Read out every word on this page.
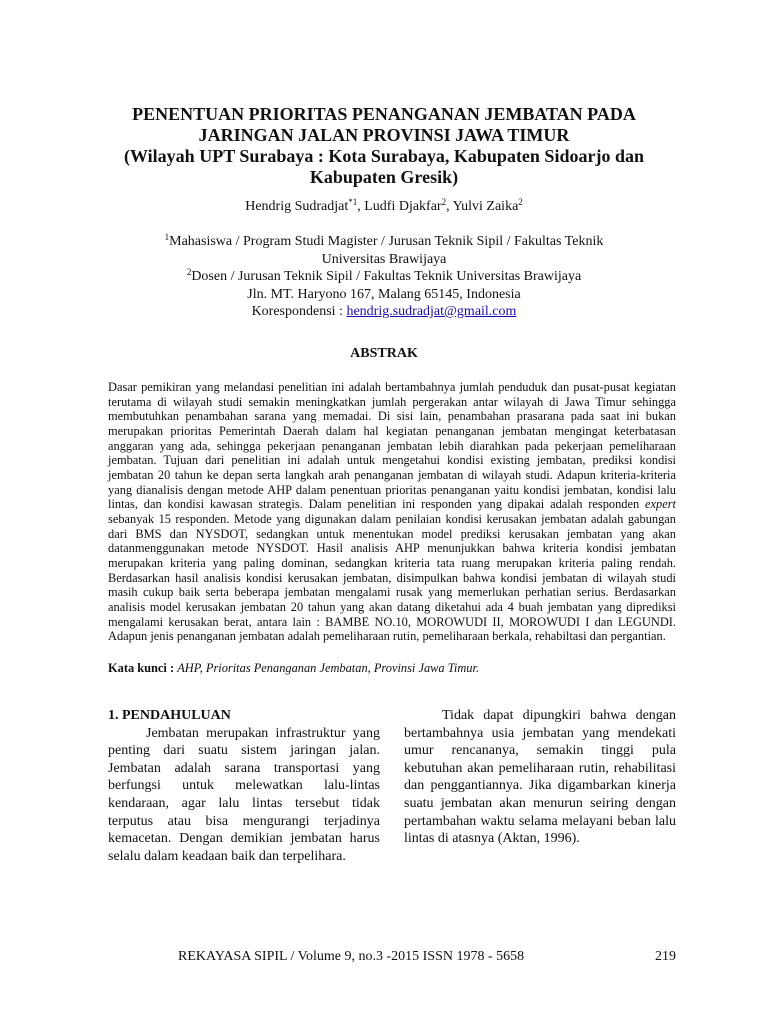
PENENTUAN PRIORITAS PENANGANAN JEMBATAN PADA
JARINGAN JALAN PROVINSI JAWA TIMUR
(Wilayah UPT Surabaya : Kota Surabaya, Kabupaten Sidoarjo dan
Kabupaten Gresik)
Hendrig Sudradjat$^{*1}$, Ludfi Djakfar$^2$, Yulvi Zaika$^2$
$^1$Mahasiswa / Program Studi Magister / Jurusan Teknik Sipil / Fakultas Teknik
Universitas Brawijaya
$^2$Dosen / Jurusan Teknik Sipil / Fakultas Teknik Universitas Brawijaya
Jln. MT. Haryono 167, Malang 65145, Indonesia
Korespondensi : hendrig.sudradjat@gmail.com
ABSTRAK

Dasar pemikiran yang melandasi penelitian ini adalah bertambahnya jumlah penduduk dan pusat-pusat kegiatan terutama di wilayah studi semakin meningkatkan jumlah pergerakan antar wilayah di Jawa Timur sehingga membutuhkan penambahan sarana yang memadai. Di sisi lain, penambahan prasarana pada saat ini bukan merupakan prioritas Pemerintah Daerah dalam hal kegiatan penanganan jembatan mengingat keterbatasan anggaran yang ada, sehingga pekerjaan penanganan jembatan lebih diarahkan pada pekerjaan pemeliharaan jembatan. Tujuan dari penelitian ini adalah untuk mengetahui kondisi existing jembatan, prediksi kondisi jembatan 20 tahun ke depan serta langkah arah penanganan jembatan di wilayah studi. Adapun kriteria-kriteria yang dianalisis dengan metode AHP dalam penentuan prioritas penanganan yaitu kondisi jembatan, kondisi lalu lintas, dan kondisi kawasan strategis. Dalam penelitian ini responden yang dipakai adalah responden expert sebanyak 15 responden. Metode yang digunakan dalam penilaian kondisi kerusakan jembatan adalah gabungan dari BMS dan NYSDOT, sedangkan untuk menentukan model prediksi kerusakan jembatan yang akan datanmenggunakan metode NYSDOT. Hasil analisis AHP menunjukkan bahwa kriteria kondisi jembatan merupakan kriteria yang paling dominan, sedangkan kriteria tata ruang merupakan kriteria paling rendah. Berdasarkan hasil analisis kondisi kerusakan jembatan, disimpulkan bahwa kondisi jembatan di wilayah studi masih cukup baik serta beberapa jembatan mengalami rusak yang memerlukan perhatian serius. Berdasarkan analisis model kerusakan jembatan 20 tahun yang akan datang diketahui ada 4 buah jembatan yang diprediksi mengalami kerusakan berat, antara lain : BAMBE NO.10, MOROWUDI II, MOROWUDI I dan LEGUNDI. Adapun jenis penanganan jembatan adalah pemeliharaan rutin, pemeliharaan berkala, rehabiltasi dan pergantian.

Kata kunci : AHP, Prioritas Penanganan Jembatan, Provinsi Jawa Timur.
1. PENDAHULUAN

Jembatan merupakan infrastruktur yang penting dari suatu sistem jaringan jalan. Jembatan adalah sarana transportasi yang berfungsi untuk melewatkan lalu-lintas kendaraan, agar lalu lintas tersebut tidak terputus atau bisa mengurangi terjadinya kemacetan. Dengan demikian jembatan harus selalu dalam keadaan baik dan terpelihara.

Tidak dapat dipungkiri bahwa dengan bertambahnya usia jembatan yang mendekati umur rencananya, semakin tinggi pula kebutuhan akan pemeliharaan rutin, rehabilitasi dan penggantiannya. Jika digambarkan kinerja suatu jembatan akan menurun seiring dengan pertambahan waktu selama melayani beban lalu lintas di atasnya (Aktan, 1996).

REKAYASA SIPIL / Volume 9, no.3 -2015 ISSN 1978 - 5658	219
